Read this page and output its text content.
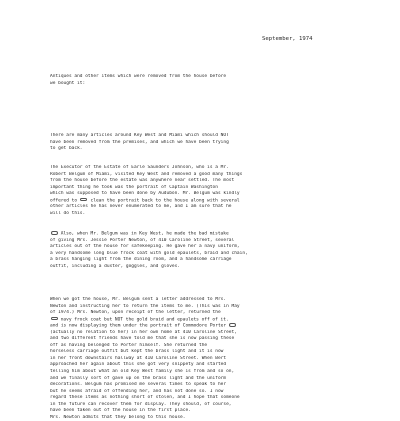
September, 1974
Antiques and other items which were removed from the house before
we bought it:
There are many articles around Key West and Miami which should NOT
have been removed from the premises, and which we have been trying
to get back.
The Executor of the Estate of Earle Saunders Johnson, who is a Mr.
Robert Belgum of Miami, visited Key West and removed a good many things
from the house before the estate was anywhere near settled. The most
important thing he took was the portrait of Captain Washington
which was supposed to have been done by Audubon. Mr. Belgum was kindly
offered to  clean the portrait back to the house along with several
other articles he has never enumerated to me, and I am sure that he
will do this.
Also, when Mr. Belgum was in Key West, he made the bad mistake
of giving Mrs. Jessie Porter Newton, of 410 Caroline Street, several
articles out of the house for safekeeping. He gave her a navy uniform,
a very handsome long blue frock coat with gold epaulets, braid and chain,
a brass hanging light from the dining room, and a handsome carriage
outfit, including a duster, goggles, and gloves.
When we got the house, Mr. Belgum sent a letter addressed to Mrs.
Newton and instructing her to return the items to me. (This was in May
of 1974.) Mrs. Newton, upon receipt of the letter, returned the
navy frock coat but NOT the gold braid and epaulets off of it.
and is now displaying them under the portrait of Commodore Porter
(actually no relation to her) in her own home at 410 Caroline Street,
and two different friends have told me that she is now passing these
off as having belonged to Porter himself. She returned the
horseless carriage outfit but kept the brass light and it is now
in her front downstairs hallway at 410 Caroline Street. When Bert
approached her again about this she got very snippety and started
telling him about what an old Key West family she is from and so on,
and we finally sort of gave up on the brass light and the uniform
decorations. Belgum has promised me several times to speak to her
but he seems afraid of offending her, and has not done so. I now
regard these items as nothing short of stolen, and I hope that someone
in the future can recover them for display. They should, of course,
have been taken out of the house in the first place.
Mrs. Newton admits that they belong to this house.
